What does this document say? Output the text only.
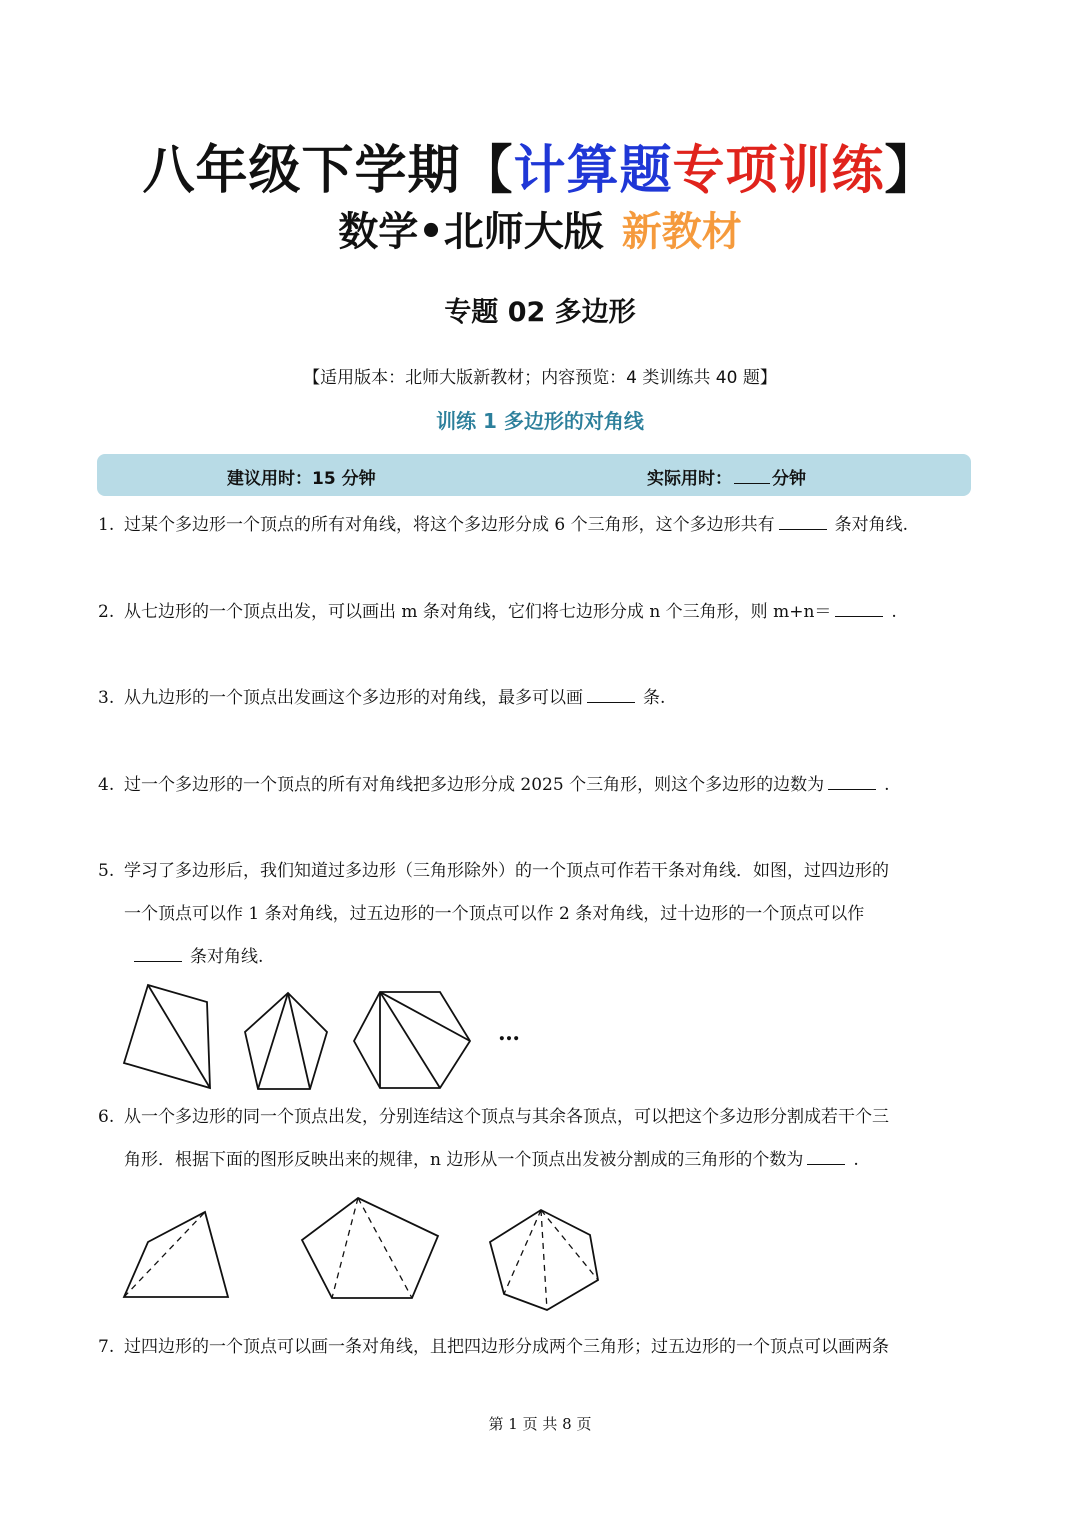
八年级下学期【计算题专项训练】
数学•北师大版 新教材
专题 02 多边形
【适用版本：北师大版新教材；内容预览：4 类训练共 40 题】
训练 1 多边形的对角线
建议用时：15 分钟	实际用时： 分钟
1. 过某个多边形一个顶点的所有对角线，将这个多边形分成 6 个三角形，这个多边形共有	条对角线.
2. 从七边形的一个顶点出发，可以画出 m 条对角线，它们将七边形分成 n 个三角形，则 m+n＝	.
3. 从九边形的一个顶点出发画这个多边形的对角线，最多可以画	条.
4. 过一个多边形的一个顶点的所有对角线把多边形分成 2025 个三角形，则这个多边形的边数为	.
5. 学习了多边形后，我们知道过多边形（三角形除外）的一个顶点可作若干条对角线．如图，过四边形的
一个顶点可以作 1 条对角线，过五边形的一个顶点可以作 2 条对角线，过十边形的一个顶点可以作
条对角线.
…
6. 从一个多边形的同一个顶点出发，分别连结这个顶点与其余各顶点，可以把这个多边形分割成若干个三
角形．根据下面的图形反映出来的规律，n 边形从一个顶点出发被分割成的三角形的个数为	.
7. 过四边形的一个顶点可以画一条对角线，且把四边形分成两个三角形；过五边形的一个顶点可以画两条
第 1 页 共 8 页
